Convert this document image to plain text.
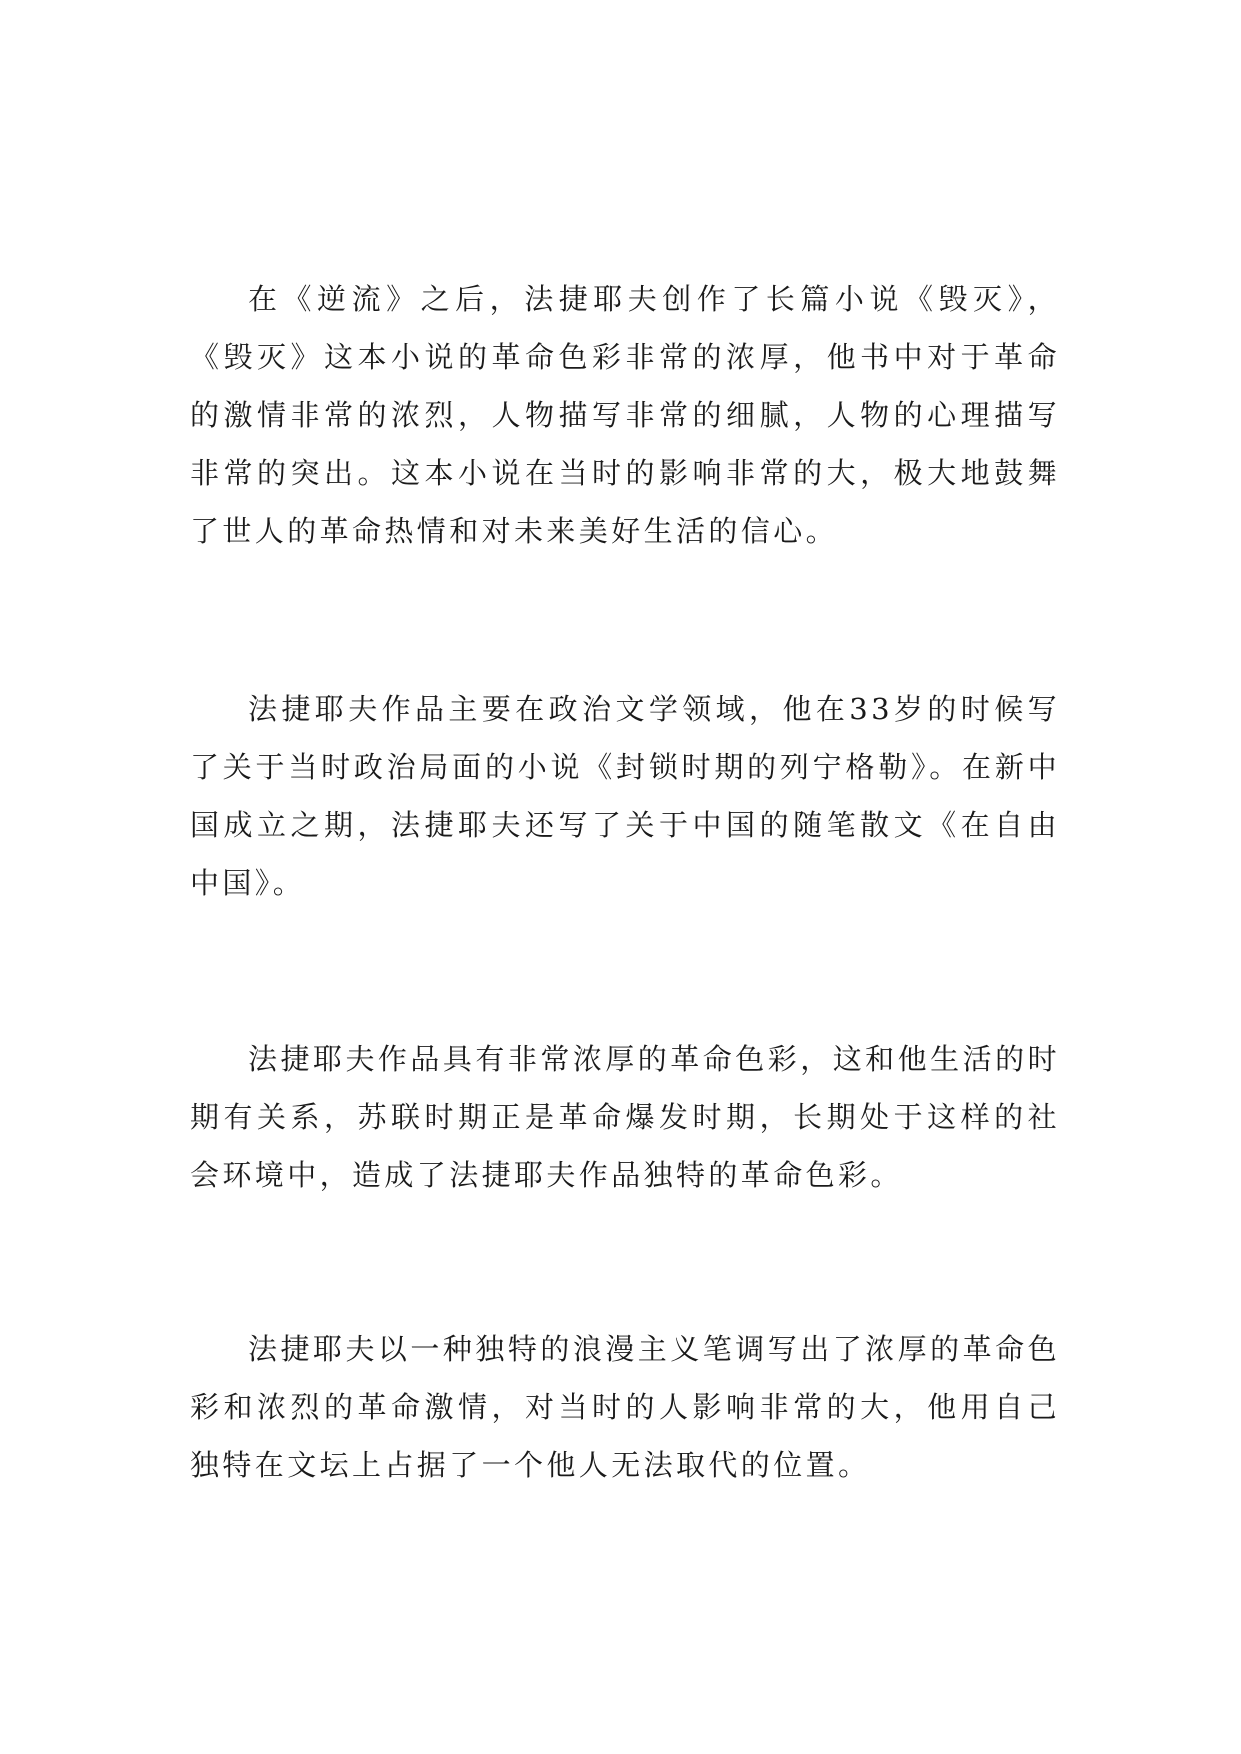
在《逆流》之后，法捷耶夫创作了长篇小说《毁灭》，《毁灭》这本小说的革命色彩非常的浓厚，他书中对于革命的激情非常的浓烈，人物描写非常的细腻，人物的心理描写非常的突出。这本小说在当时的影响非常的大，极大地鼓舞了世人的革命热情和对未来美好生活的信心。

法捷耶夫作品主要在政治文学领域，他在33岁的时候写了关于当时政治局面的小说《封锁时期的列宁格勒》。在新中国成立之期，法捷耶夫还写了关于中国的随笔散文《在自由中国》。

法捷耶夫作品具有非常浓厚的革命色彩，这和他生活的时期有关系，苏联时期正是革命爆发时期，长期处于这样的社会环境中，造成了法捷耶夫作品独特的革命色彩。

法捷耶夫以一种独特的浪漫主义笔调写出了浓厚的革命色彩和浓烈的革命激情，对当时的人影响非常的大，他用自己独特在文坛上占据了一个他人无法取代的位置。
